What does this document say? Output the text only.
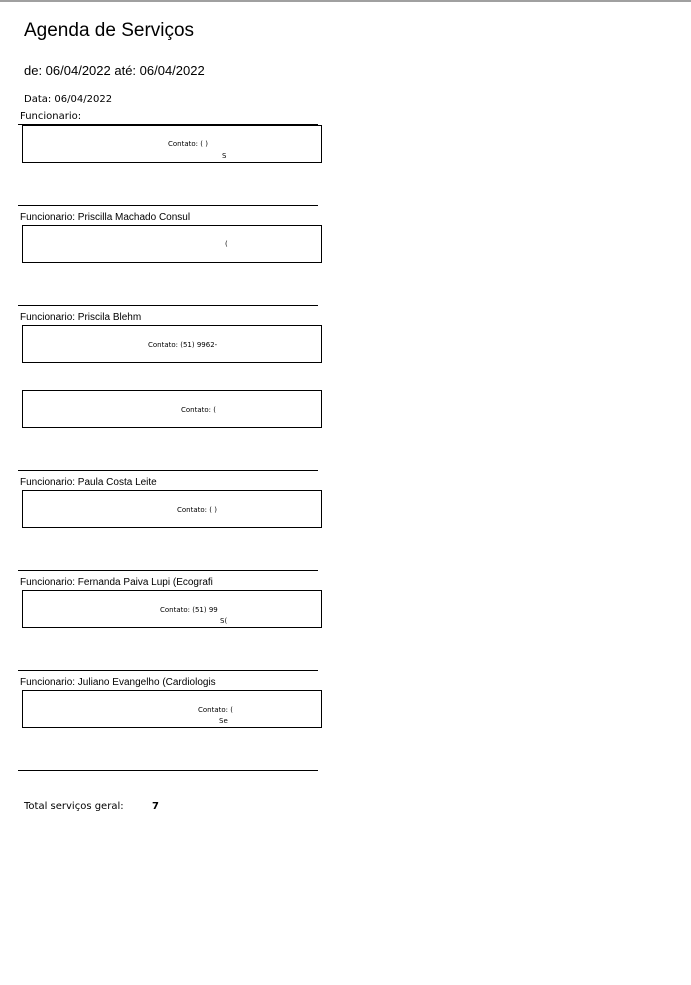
Agenda de Serviços
de: 06/04/2022 até: 06/04/2022
Data: 06/04/2022
Funcionario:
Contato: ( )
S
Funcionario: Priscilla Machado Consul
(
Funcionario: Priscila Blehm
Contato: (51) 9962-
Contato: (
Funcionario: Paula Costa Leite
Contato: ( )
Funcionario: Fernanda Paiva Lupi (Ecografi
Contato: (51) 99
S(
Funcionario: Juliano Evangelho (Cardiologis
Contato: (
Se
Total serviços geral:	7
